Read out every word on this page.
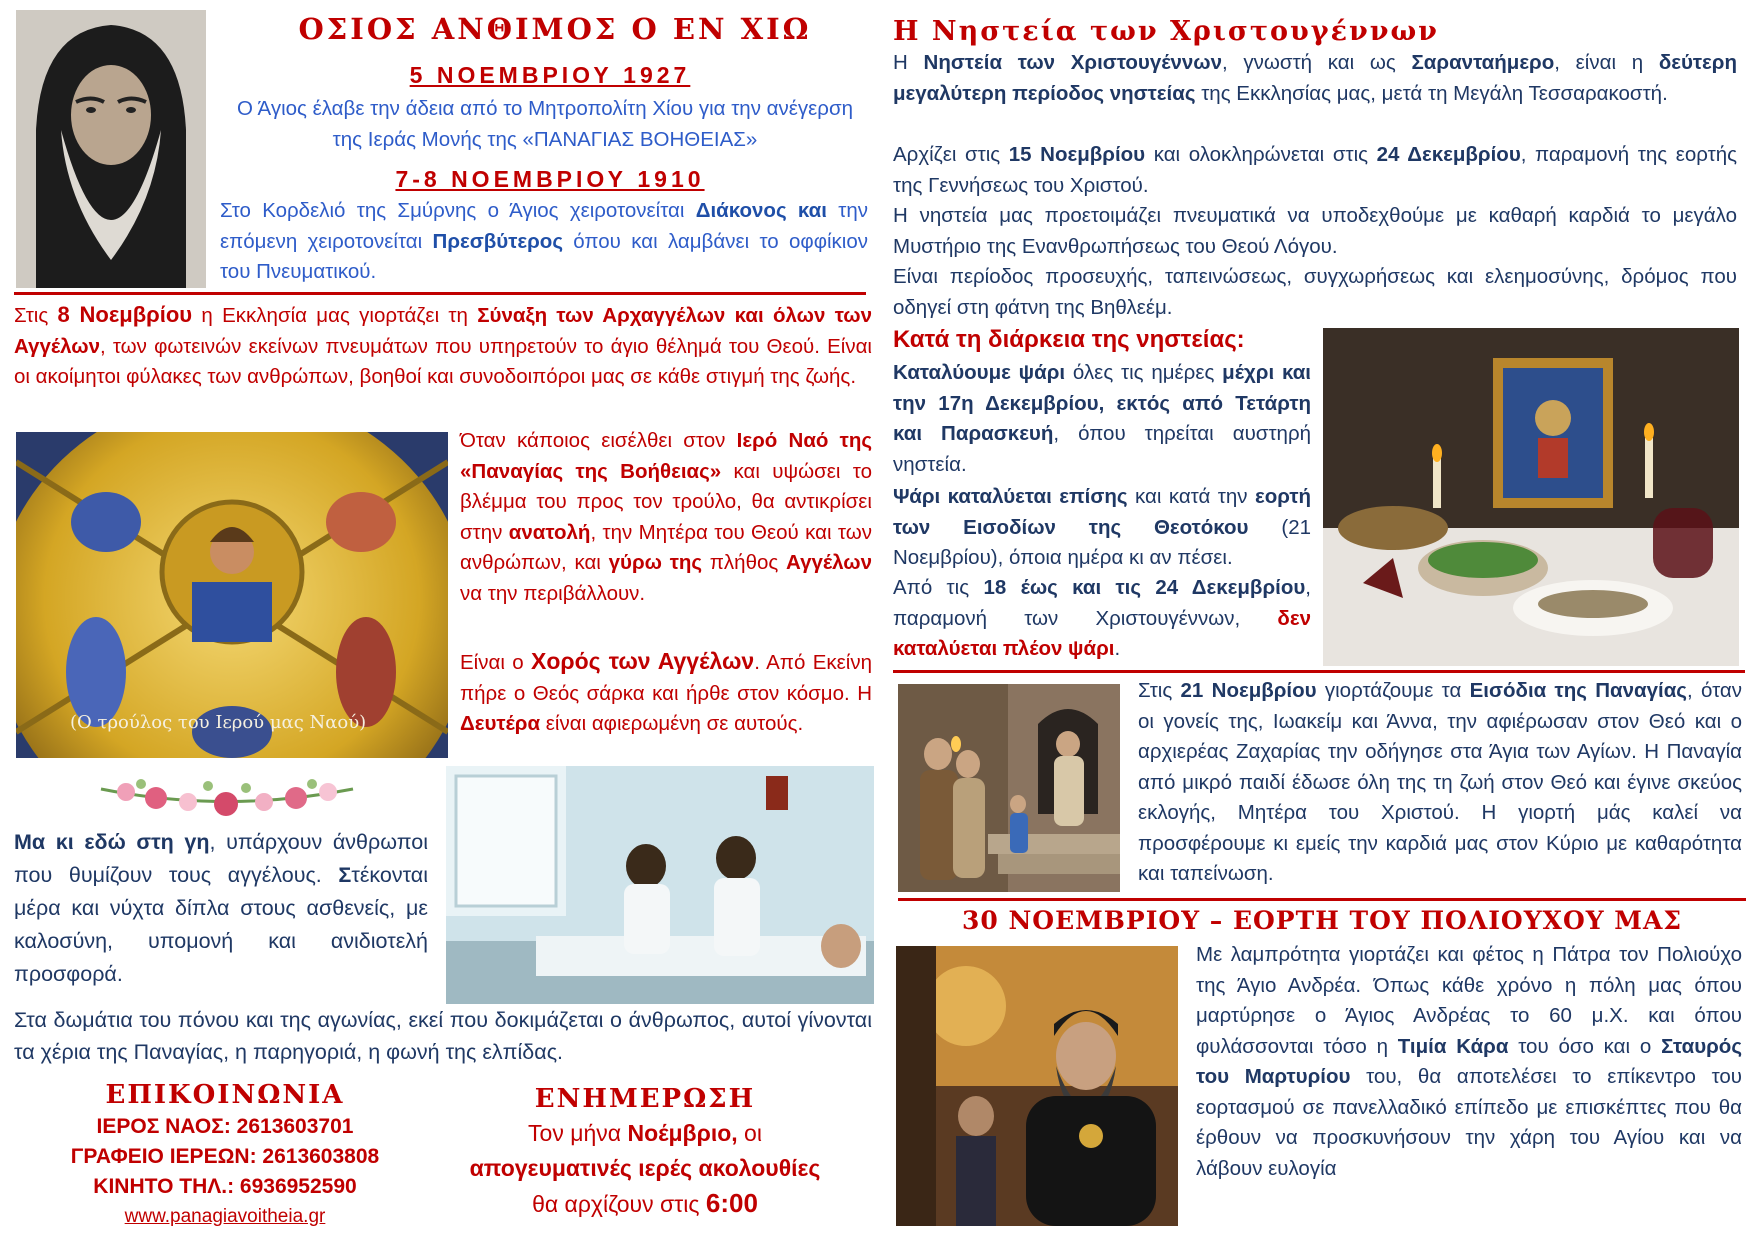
ΟΣΙΟΣ ΑΝΘΙΜΟΣ Ο ΕΝ ΧΙΩ
5 ΝΟΕΜΒΡΙΟΥ 1927

Ο Άγιος έλαβε την άδεια από το Μητροπολίτη Χίου για την ανέγερση της Ιεράς Μονής της «ΠΑΝΑΓΙΑΣ ΒΟΗΘΕΙΑΣ»

7-8 ΝΟΕΜΒΡΙΟΥ 1910

Στο Κορδελιό της Σμύρνης ο Άγιος χειροτονείται Διάκονος και την επόμενη χειροτονείται Πρεσβύτερος όπου και λαμβάνει το οφφίκιον του Πνευματικού.

Στις 8 Νοεμβρίου η Εκκλησία μας γιορτάζει τη Σύναξη των Αρχαγγέλων και όλων των Αγγέλων, των φωτεινών εκείνων πνευμάτων που υπηρετούν το άγιο θέλημά του Θεού. Είναι οι ακοίμητοι φύλακες των ανθρώπων, βοηθοί και συνοδοιπόροι μας σε κάθε στιγμή της ζωής.

(Ο τρούλος του Ιερού μας Ναού)

Όταν κάποιος εισέλθει στον Ιερό Ναό της «Παναγίας της Βοήθειας» και υψώσει το βλέμμα του προς τον τρούλο, θα αντικρίσει στην ανατολή, την Μητέρα του Θεού και των ανθρώπων, και γύρω της πλήθος Αγγέλων να την περιβάλλουν.

Είναι ο Χορός των Αγγέλων. Από Εκείνη πήρε ο Θεός σάρκα και ήρθε στον κόσμο. Η Δευτέρα είναι αφιερωμένη σε αυτούς.

Μα κι εδώ στη γη, υπάρχουν άνθρωποι που θυμίζουν τους αγγέλους. Στέκονται μέρα και νύχτα δίπλα στους ασθενείς, με καλοσύνη, υπομονή και ανιδιοτελή προσφορά.

Στα δωμάτια του πόνου και της αγωνίας, εκεί που δοκιμάζεται ο άνθρωπος, αυτοί γίνονται τα χέρια της Παναγίας, η παρηγοριά, η φωνή της ελπίδας.

ΕΠΙΚΟΙΝΩΝΙΑ
ΙΕΡΟΣ ΝΑΟΣ: 2613603701
ΓΡΑΦΕΙΟ ΙΕΡΕΩΝ: 2613603808
ΚΙΝΗΤΟ ΤΗΛ.: 6936952590
www.panagiavoitheia.gr
ΕΝΗΜΕΡΩΣΗ
Τον μήνα Νοέμβριο, οι
απογευματινές ιερές ακολουθίες
θα αρχίζουν στις 6:00
Η Νηστεία των Χριστουγέννων

Η Νηστεία των Χριστουγέννων, γνωστή και ως Σαρανταήμερο, είναι η δεύτερη μεγαλύτερη περίοδος νηστείας της Εκκλησίας μας, μετά τη Μεγάλη Τεσσαρακοστή.

Αρχίζει στις 15 Νοεμβρίου και ολοκληρώνεται στις 24 Δεκεμβρίου, παραμονή της εορτής της Γεννήσεως του Χριστού.

Η νηστεία μας προετοιμάζει πνευματικά να υποδεχθούμε με καθαρή καρδιά το μεγάλο Μυστήριο της Ενανθρωπήσεως του Θεού Λόγου.

Είναι περίοδος προσευχής, ταπεινώσεως, συγχωρήσεως και ελεημοσύνης, δρόμος που οδηγεί στη φάτνη της Βηθλεέμ.

Κατά τη διάρκεια της νηστείας:

Καταλύουμε ψάρι όλες τις ημέρες μέχρι και την 17η Δεκεμβρίου, εκτός από Τετάρτη και Παρασκευή, όπου τηρείται αυστηρή νηστεία.

Ψάρι καταλύεται επίσης και κατά την εορτή των Εισοδίων της Θεοτόκου (21 Νοεμβρίου), όποια ημέρα κι αν πέσει.

Από τις 18 έως και τις 24 Δεκεμβρίου, παραμονή των Χριστουγέννων, δεν καταλύεται πλέον ψάρι.

Στις 21 Νοεμβρίου γιορτάζουμε τα Εισόδια της Παναγίας, όταν οι γονείς της, Ιωακείμ και Άννα, την αφιέρωσαν στον Θεό και ο αρχιερέας Ζαχαρίας την οδήγησε στα Άγια των Αγίων. Η Παναγία από μικρό παιδί έδωσε όλη της τη ζωή στον Θεό και έγινε σκεύος εκλογής, Μητέρα του Χριστού. Η γιορτή μάς καλεί να προσφέρουμε κι εμείς την καρδιά μας στον Κύριο με καθαρότητα και ταπείνωση.

30 ΝΟΕΜΒΡΙΟΥ – ΕΟΡΤΗ ΤΟΥ ΠΟΛΙΟΥΧΟΥ ΜΑΣ

Με λαμπρότητα γιορτάζει και φέτος η Πάτρα τον Πολιούχο της Άγιο Ανδρέα. Όπως κάθε χρόνο η πόλη μας όπου μαρτύρησε ο Άγιος Ανδρέας το 60 μ.Χ. και όπου φυλάσσονται τόσο η Τιμία Κάρα του όσο και ο Σταυρός του Μαρτυρίου του, θα αποτελέσει το επίκεντρο του εορτασμού σε πανελλαδικό επίπεδο με επισκέπτες που θα έρθουν να προσκυνήσουν την χάρη του Αγίου και να λάβουν ευλογία
